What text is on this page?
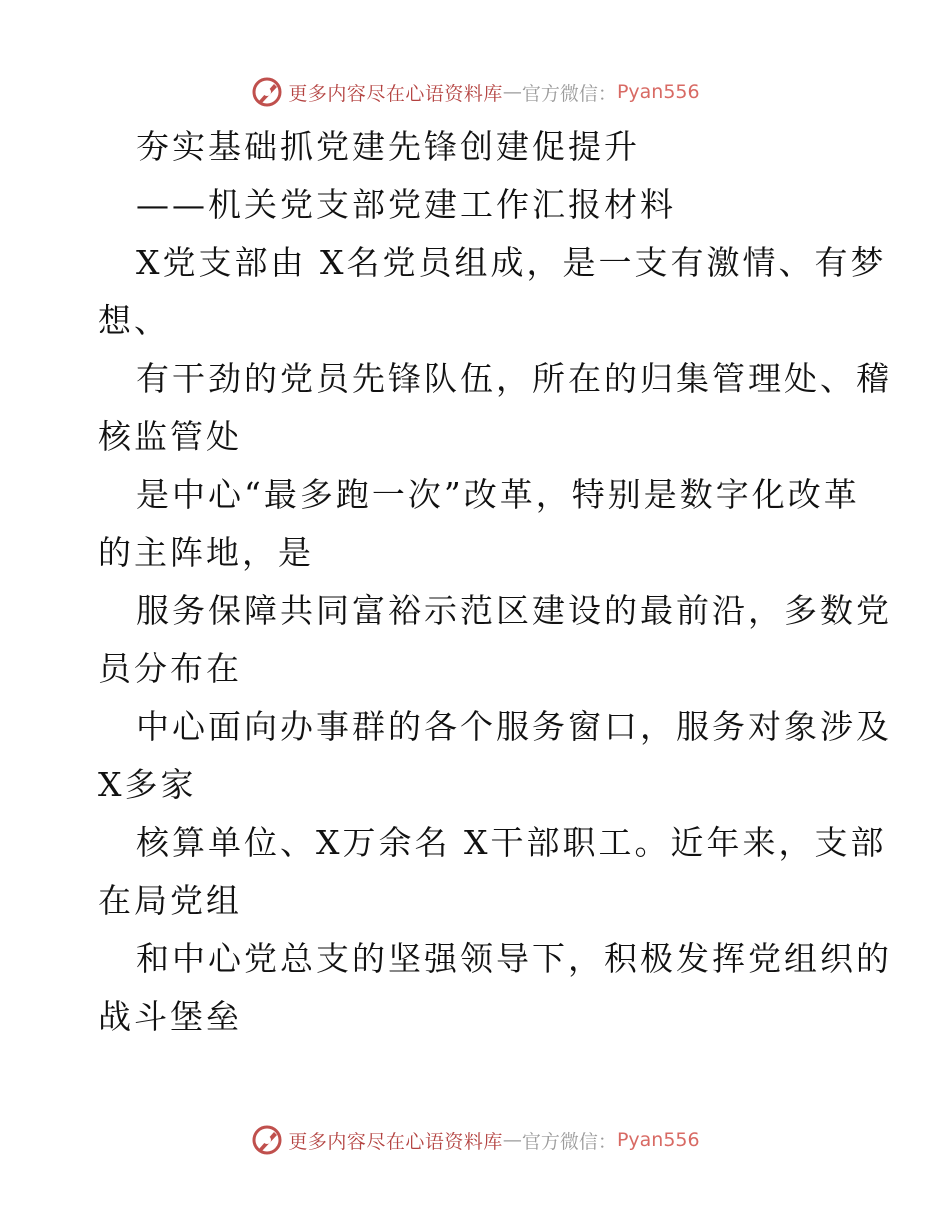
更多内容尽在心语资料库 — 官方微信： Pyan556
夯实基础抓党建先锋创建促提升
——机关党支部党建工作汇报材料
X党支部由 X名党员组成，是一支有激情、有梦
想、
有干劲的党员先锋队伍，所在的归集管理处、稽
核监管处
是中心“最多跑一次”改革，特别是数字化改革
的主阵地，是
服务保障共同富裕示范区建设的最前沿，多数党
员分布在
中心面向办事群的各个服务窗口，服务对象涉及
X多家
核算单位、X万余名 X干部职工。近年来，支部
在局党组
和中心党总支的坚强领导下，积极发挥党组织的
战斗堡垒
更多内容尽在心语资料库 — 官方微信： Pyan556
